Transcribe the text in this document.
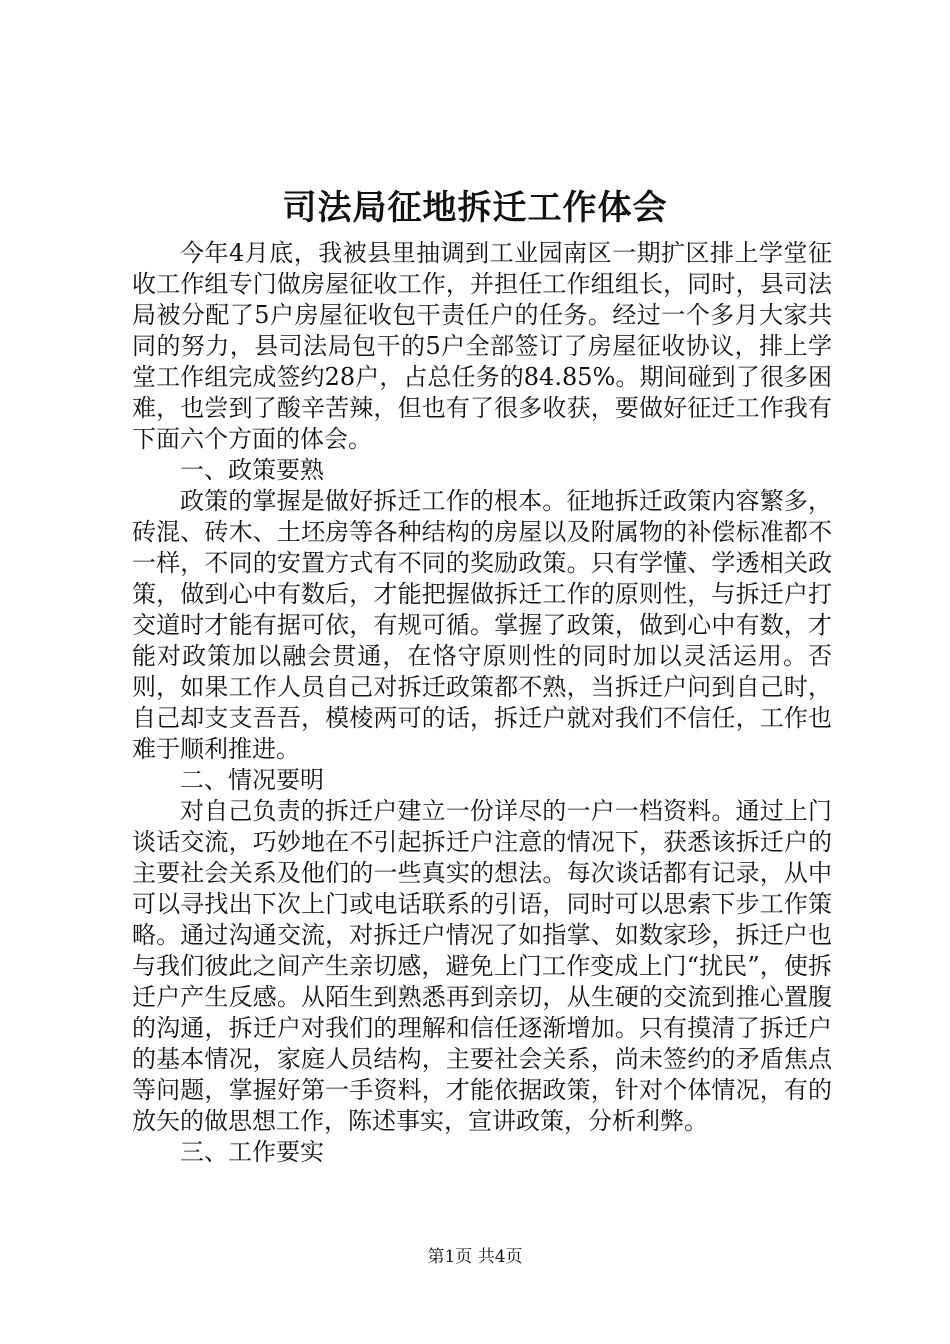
司法局征地拆迁工作体会

今年4月底，我被县里抽调到工业园南区一期扩区排上学堂征收工作组专门做房屋征收工作，并担任工作组组长，同时，县司法局被分配了5户房屋征收包干责任户的任务。经过一个多月大家共同的努力，县司法局包干的5户全部签订了房屋征收协议，排上学堂工作组完成签约28户，占总任务的84.85%。期间碰到了很多困难，也尝到了酸辛苦辣，但也有了很多收获，要做好征迁工作我有下面六个方面的体会。

一、政策要熟

政策的掌握是做好拆迁工作的根本。征地拆迁政策内容繁多，砖混、砖木、土坯房等各种结构的房屋以及附属物的补偿标准都不一样，不同的安置方式有不同的奖励政策。只有学懂、学透相关政策，做到心中有数后，才能把握做拆迁工作的原则性，与拆迁户打交道时才能有据可依，有规可循。掌握了政策，做到心中有数，才能对政策加以融会贯通，在恪守原则性的同时加以灵活运用。否则，如果工作人员自己对拆迁政策都不熟，当拆迁户问到自己时，自己却支支吾吾，模棱两可的话，拆迁户就对我们不信任，工作也难于顺利推进。

二、情况要明

对自己负责的拆迁户建立一份详尽的一户一档资料。通过上门谈话交流，巧妙地在不引起拆迁户注意的情况下，获悉该拆迁户的主要社会关系及他们的一些真实的想法。每次谈话都有记录，从中可以寻找出下次上门或电话联系的引语，同时可以思索下步工作策略。通过沟通交流，对拆迁户情况了如指掌、如数家珍，拆迁户也与我们彼此之间产生亲切感，避免上门工作变成上门“扰民”，使拆迁户产生反感。从陌生到熟悉再到亲切，从生硬的交流到推心置腹的沟通，拆迁户对我们的理解和信任逐渐增加。只有摸清了拆迁户的基本情况，家庭人员结构，主要社会关系，尚未签约的矛盾焦点等问题，掌握好第一手资料，才能依据政策，针对个体情况，有的放矢的做思想工作，陈述事实，宣讲政策，分析利弊。

三、工作要实

第1页 共4页
